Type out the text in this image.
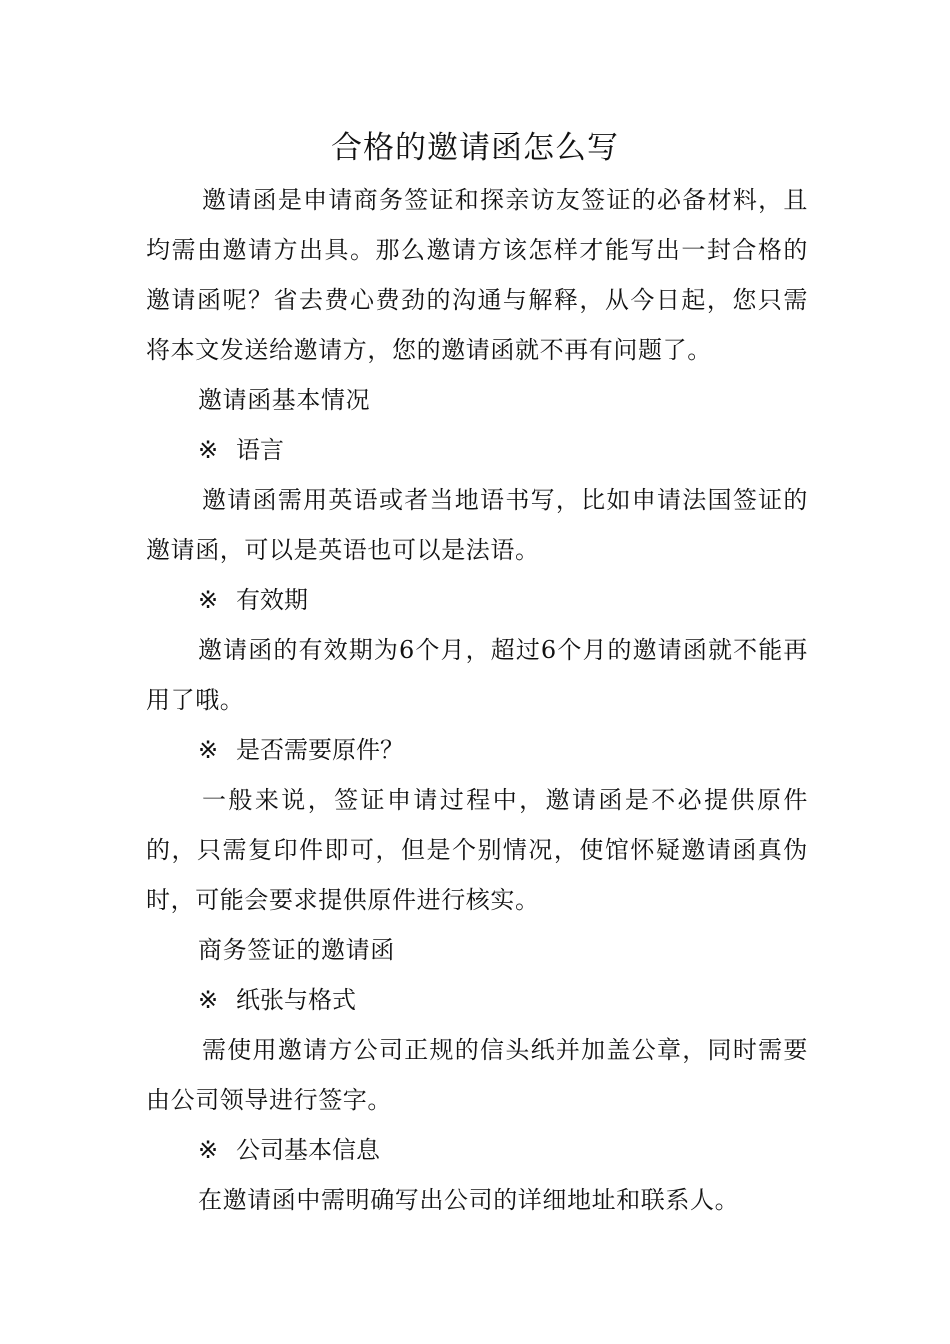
合格的邀请函怎么写

邀请函是申请商务签证和探亲访友签证的必备材料，且均需由邀请方出具。那么邀请方该怎样才能写出一封合格的邀请函呢？省去费心费劲的沟通与解释，从今日起，您只需将本文发送给邀请方，您的邀请函就不再有问题了。

邀请函基本情况

※ 语言

邀请函需用英语或者当地语书写，比如申请法国签证的邀请函，可以是英语也可以是法语。

※ 有效期

邀请函的有效期为6个月，超过6个月的邀请函就不能再用了哦。

※ 是否需要原件？

一般来说，签证申请过程中，邀请函是不必提供原件的，只需复印件即可，但是个别情况，使馆怀疑邀请函真伪时，可能会要求提供原件进行核实。

商务签证的邀请函

※ 纸张与格式

需使用邀请方公司正规的信头纸并加盖公章，同时需要由公司领导进行签字。

※ 公司基本信息

在邀请函中需明确写出公司的详细地址和联系人。
